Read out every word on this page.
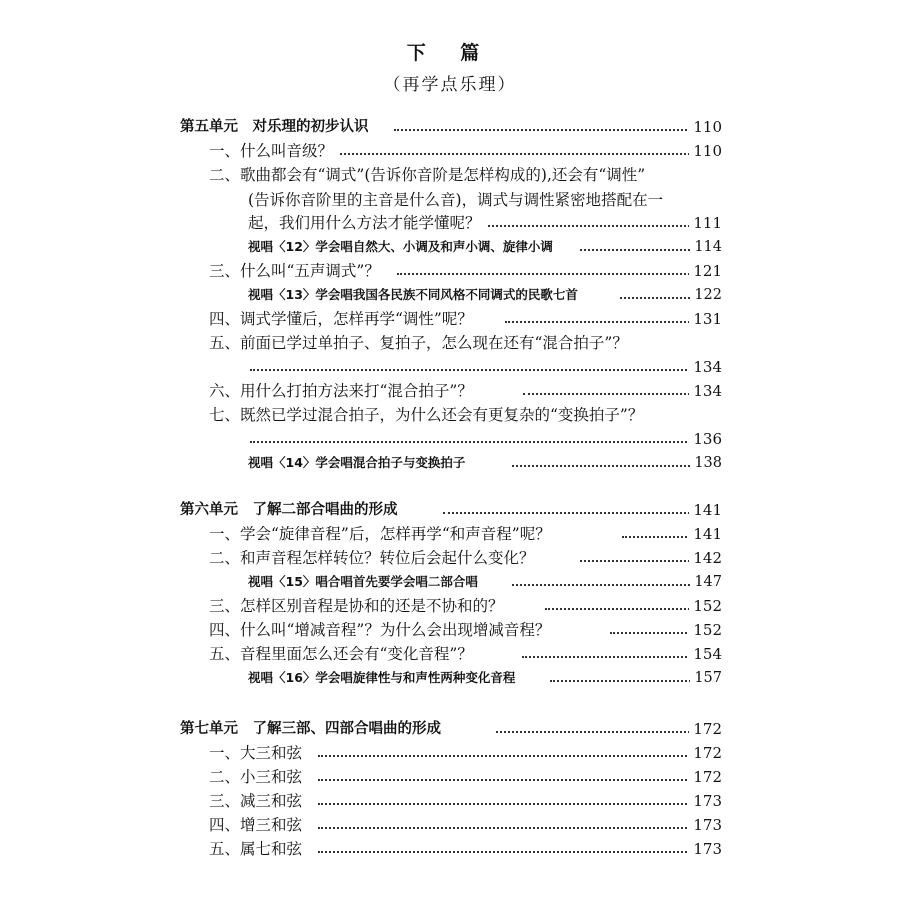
下 篇
（再学点乐理）
第五单元　对乐理的初步认识	110
一、什么叫音级？	110
二、歌曲都会有“调式”(告诉你音阶是怎样构成的),还会有“调性”
(告诉你音阶里的主音是什么音)，调式与调性紧密地搭配在一
起，我们用什么方法才能学懂呢？	111
视唱〈12〉学会唱自然大、小调及和声小调、旋律小调	114
三、什么叫“五声调式”？	121
视唱〈13〉学会唱我国各民族不同风格不同调式的民歌七首	122
四、调式学懂后，怎样再学“调性”呢？	131
五、前面已学过单拍子、复拍子，怎么现在还有“混合拍子”？
134
六、用什么打拍方法来打“混合拍子”？	134
七、既然已学过混合拍子，为什么还会有更复杂的“变换拍子”？
136
视唱〈14〉学会唱混合拍子与变换拍子	138
第六单元　了解二部合唱曲的形成	141
一、学会“旋律音程”后，怎样再学“和声音程”呢？	141
二、和声音程怎样转位？转位后会起什么变化？	142
视唱〈15〉唱合唱首先要学会唱二部合唱	147
三、怎样区别音程是协和的还是不协和的？	152
四、什么叫“增减音程”？为什么会出现增减音程？	152
五、音程里面怎么还会有“变化音程”？	154
视唱〈16〉学会唱旋律性与和声性两种变化音程	157
第七单元　了解三部、四部合唱曲的形成	172
一、大三和弦	172
二、小三和弦	172
三、减三和弦	173
四、增三和弦	173
五、属七和弦	173
